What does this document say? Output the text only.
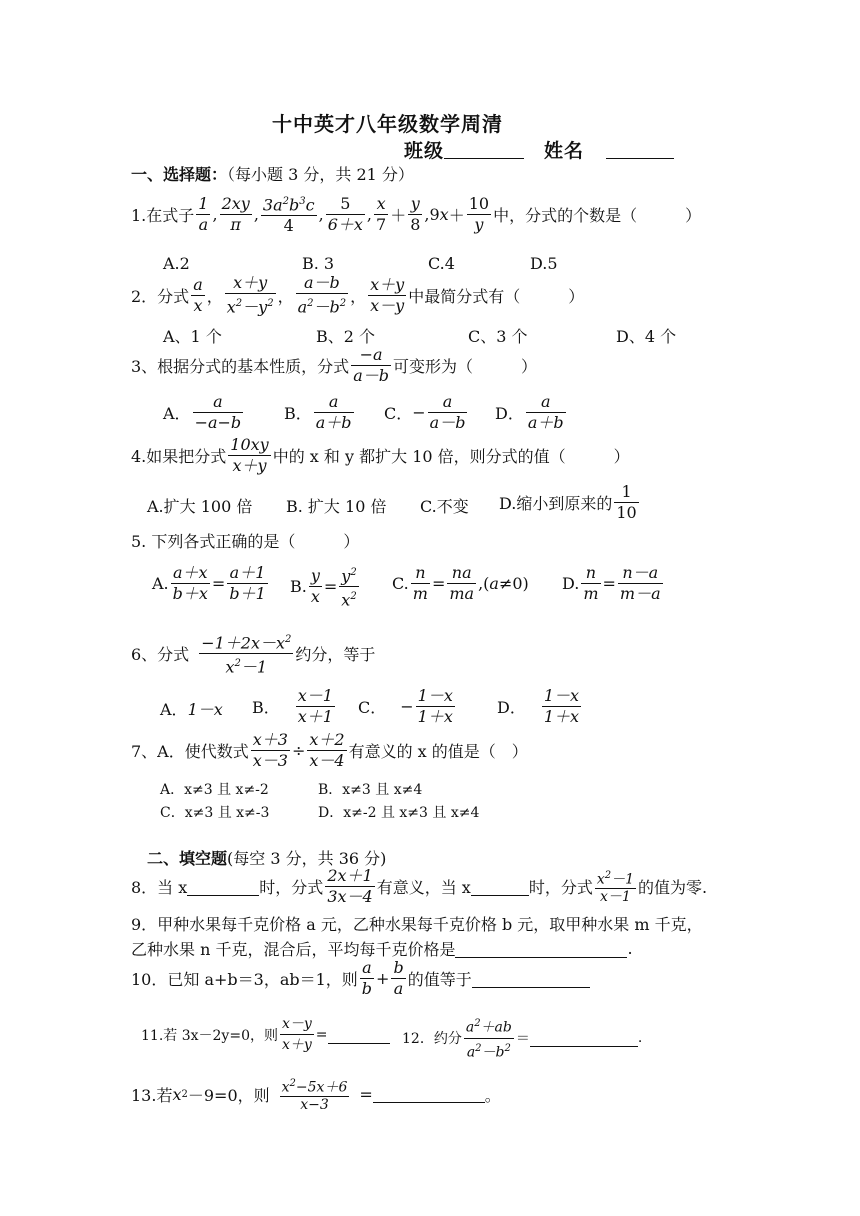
十中英才八年级数学周清
班级	姓名
一、选择题：（每小题 3 分，共 21 分）
1.在式子 $\frac{1}{a}$ , $\frac{2xy}{\pi}$ , $\frac{3a^2b^3c}{4}$ , $\frac{5}{6+x}$ , $\frac{x}{7} + \frac{y}{8} ,9$ $x + \frac{10}{y}$ 中，分式的个数是（　　　）
A.2	B. 3	C.4	D.5
2．分式 $\frac{a}{x}$ ， $\frac{x+y}{x^2-y^2}$ ， $\frac{a-b}{a^2-b^2}$ ， $\frac{x+y}{x-y}$ 中最简分式有（　　　）
A、1 个	B、2 个	C、3 个	D、4 个
3、根据分式的基本性质，分式 $\frac{-a}{a-b}$ 可变形为（　　　）
A． $\frac{a}{-a-b}$	B． $\frac{a}{a+b}$ C． − $\frac{a}{a-b}$ D． $\frac{a}{a+b}$
4.如果把分式 $\frac{10xy}{x+y}$ 中的 x 和 y 都扩大 10 倍，则分式的值（　　　）
A.扩大 100 倍 B. 扩大 10 倍 C.不变 D.缩小到原来的 $\frac{1}{10}$
5. 下列各式正确的是（　　　）
A. $\frac{a+x}{b+x} = \frac{a+1}{b+1} B$. $\frac{y}{x} = \frac{y^2}{x^2} C$. $\frac{n}{m} = \frac{na}{ma}$ ,( a ≠0) D. $\frac{n}{m} = \frac{n-a}{m-a}$
6、分式 $\frac{-1+2x-x^2}{x^2-1}$ 约分，等于
A． 1－x B． $\frac{x-1}{x+1}$ C． − $\frac{1-x}{1+x}$	D． $\frac{1-x}{1+x}$
7、A．使代数式 $\frac{x+3}{x-3} \div \frac{x+2}{x-4}$ 有意义的 x 的值是（　）
A．x≠3 且 x≠-2	B．x≠3 且 x≠4
C．x≠3 且 x≠-3	D．x≠-2 且 x≠3 且 x≠4
二、填空题(每空 3 分，共 36 分)
8．当 x	时，分式 $\frac{2x+1}{3x-4}$ 有意义，当 x	时，分式 $\frac{x^2-1}{x-1}$ 的值为零.
9．甲种水果每千克价格 a 元，乙种水果每千克价格 b 元，取甲种水果 m 千克，
乙种水果 n 千克，混合后，平均每千克价格是	.
10．已知 a+b＝3，ab＝1，则 $\frac{a}{b} + \frac{b}{a}$ 的值等于
11.若 3x－2y=0，则 $\frac{x-y}{x+y}$ =	12．约分 $\frac{a^2+ab}{a^2-b^2}$ ＝	.
13.若 x 2 －9=0，则 $\frac{x^2-5x+6}{x-3}$ =	。
